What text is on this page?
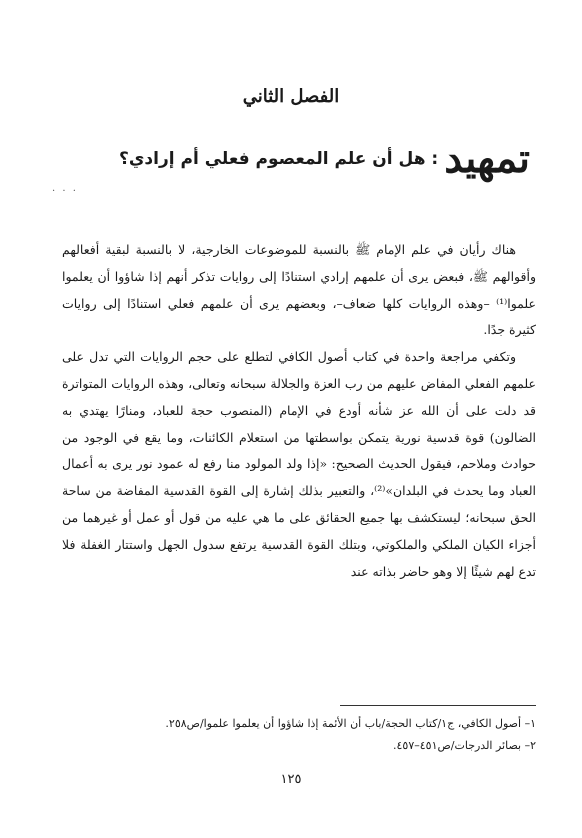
الفصل الثاني
تمهيد
: هل أن علم المعصوم فعلي أم إرادي؟
. . .

هناك رأيان في علم الإمام ﷺ بالنسبة للموضوعات الخارجية، لا بالنسبة لبقية أفعالهم وأقوالهم ﷺ، فبعض يرى أن علمهم إرادي استنادًا إلى روايات تذكر أنهم إذا شاؤوا أن يعلموا علموا⁽¹⁾ –وهذه الروايات كلها ضعاف–، وبعضهم يرى أن علمهم فعلي استنادًا إلى روايات كثيرة جدًا.

وتكفي مراجعة واحدة في كتاب أصول الكافي لتطلع على حجم الروايات التي تدل على علمهم الفعلي المفاض عليهم من رب العزة والجلالة سبحانه وتعالى، وهذه الروايات المتواترة قد دلت على أن الله عز شأنه أودع في الإمام (المنصوب حجة للعباد، ومنارًا يهتدي به الضالون) قوة قدسية نورية يتمكن بواسطتها من استعلام الكائنات، وما يقع في الوجود من حوادث وملاحم، فيقول الحديث الصحيح: «إذا ولد المولود منا رفع له عمود نور يرى به أعمال العباد وما يحدث في البلدان»⁽²⁾، والتعبير بذلك إشارة إلى القوة القدسية المفاضة من ساحة الحق سبحانه؛ ليستكشف بها جميع الحقائق على ما هي عليه من قول أو عمل أو غيرهما من أجزاء الكيان الملكي والملكوتي، وبتلك القوة القدسية يرتفع سدول الجهل واستتار الغفلة فلا تدع لهم شيئًا إلا وهو حاضر بذاته عند

١– أصول الكافي، ج١/كتاب الحجة/باب أن الأئمة إذا شاؤوا أن يعلموا علموا/ص٢٥٨.
٢– بصائر الدرجات/ص٤٥١–٤٥٧.
١٢٥
